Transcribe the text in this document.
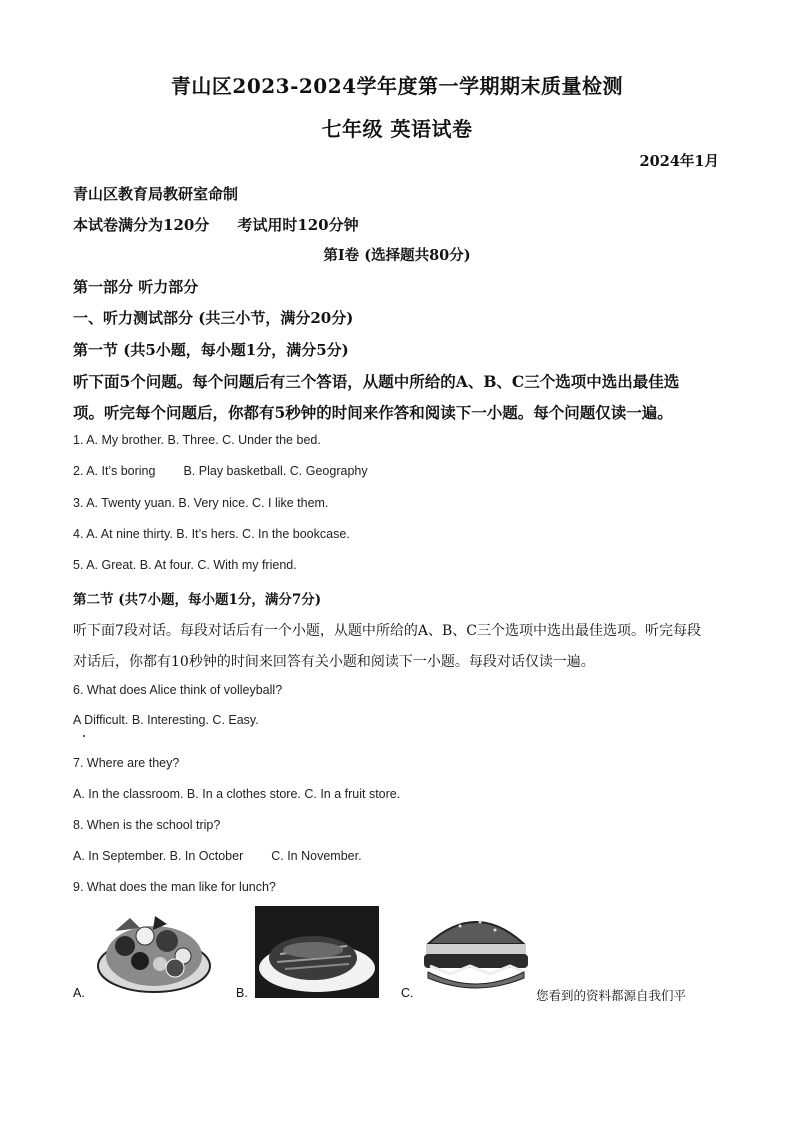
青山区2023-2024学年度第一学期期末质量检测
七年级 英语试卷
2024年1月
青山区教育局教研室命制
本试卷满分为120分 考试用时120分钟
第I卷 (选择题共80分)
第一部分 听力部分
一、听力测试部分 (共三小节，满分20分)
第一节 (共5小题，每小题1分，满分5分)
听下面5个问题。每个问题后有三个答语，从题中所给的A、B、C三个选项中选出最佳选
项。听完每个问题后，你都有5秒钟的时间来作答和阅读下一小题。每个问题仅读一遍。
1. A. My brother. B. Three. C. Under the bed.
2. A. It’s boring B. Play basketball. C. Geography
3. A. Twenty yuan. B. Very nice. C. I like them.
4. A. At nine thirty. B. It’s hers. C. In the bookcase.
5. A. Great. B. At four. C. With my friend.
第二节 (共7小题，每小题1分，满分7分)
听下面7段对话。每段对话后有一个小题，从题中所给的A、B、C三个选项中选出最佳选项。听完每段
对话后，你都有10秒钟的时间来回答有关小题和阅读下一小题。每段对话仅读一遍。
6. What does Alice think of volleyball?
A Difficult. B. Interesting. C. Easy.
7. Where are they?
A. In the classroom. B. In a clothes store. C. In a fruit store.
8. When is the school trip?
A. In September. B. In October C. In November.
9. What does the man like for lunch?
A.	B.	C.	您看到的资料都源自我们平
